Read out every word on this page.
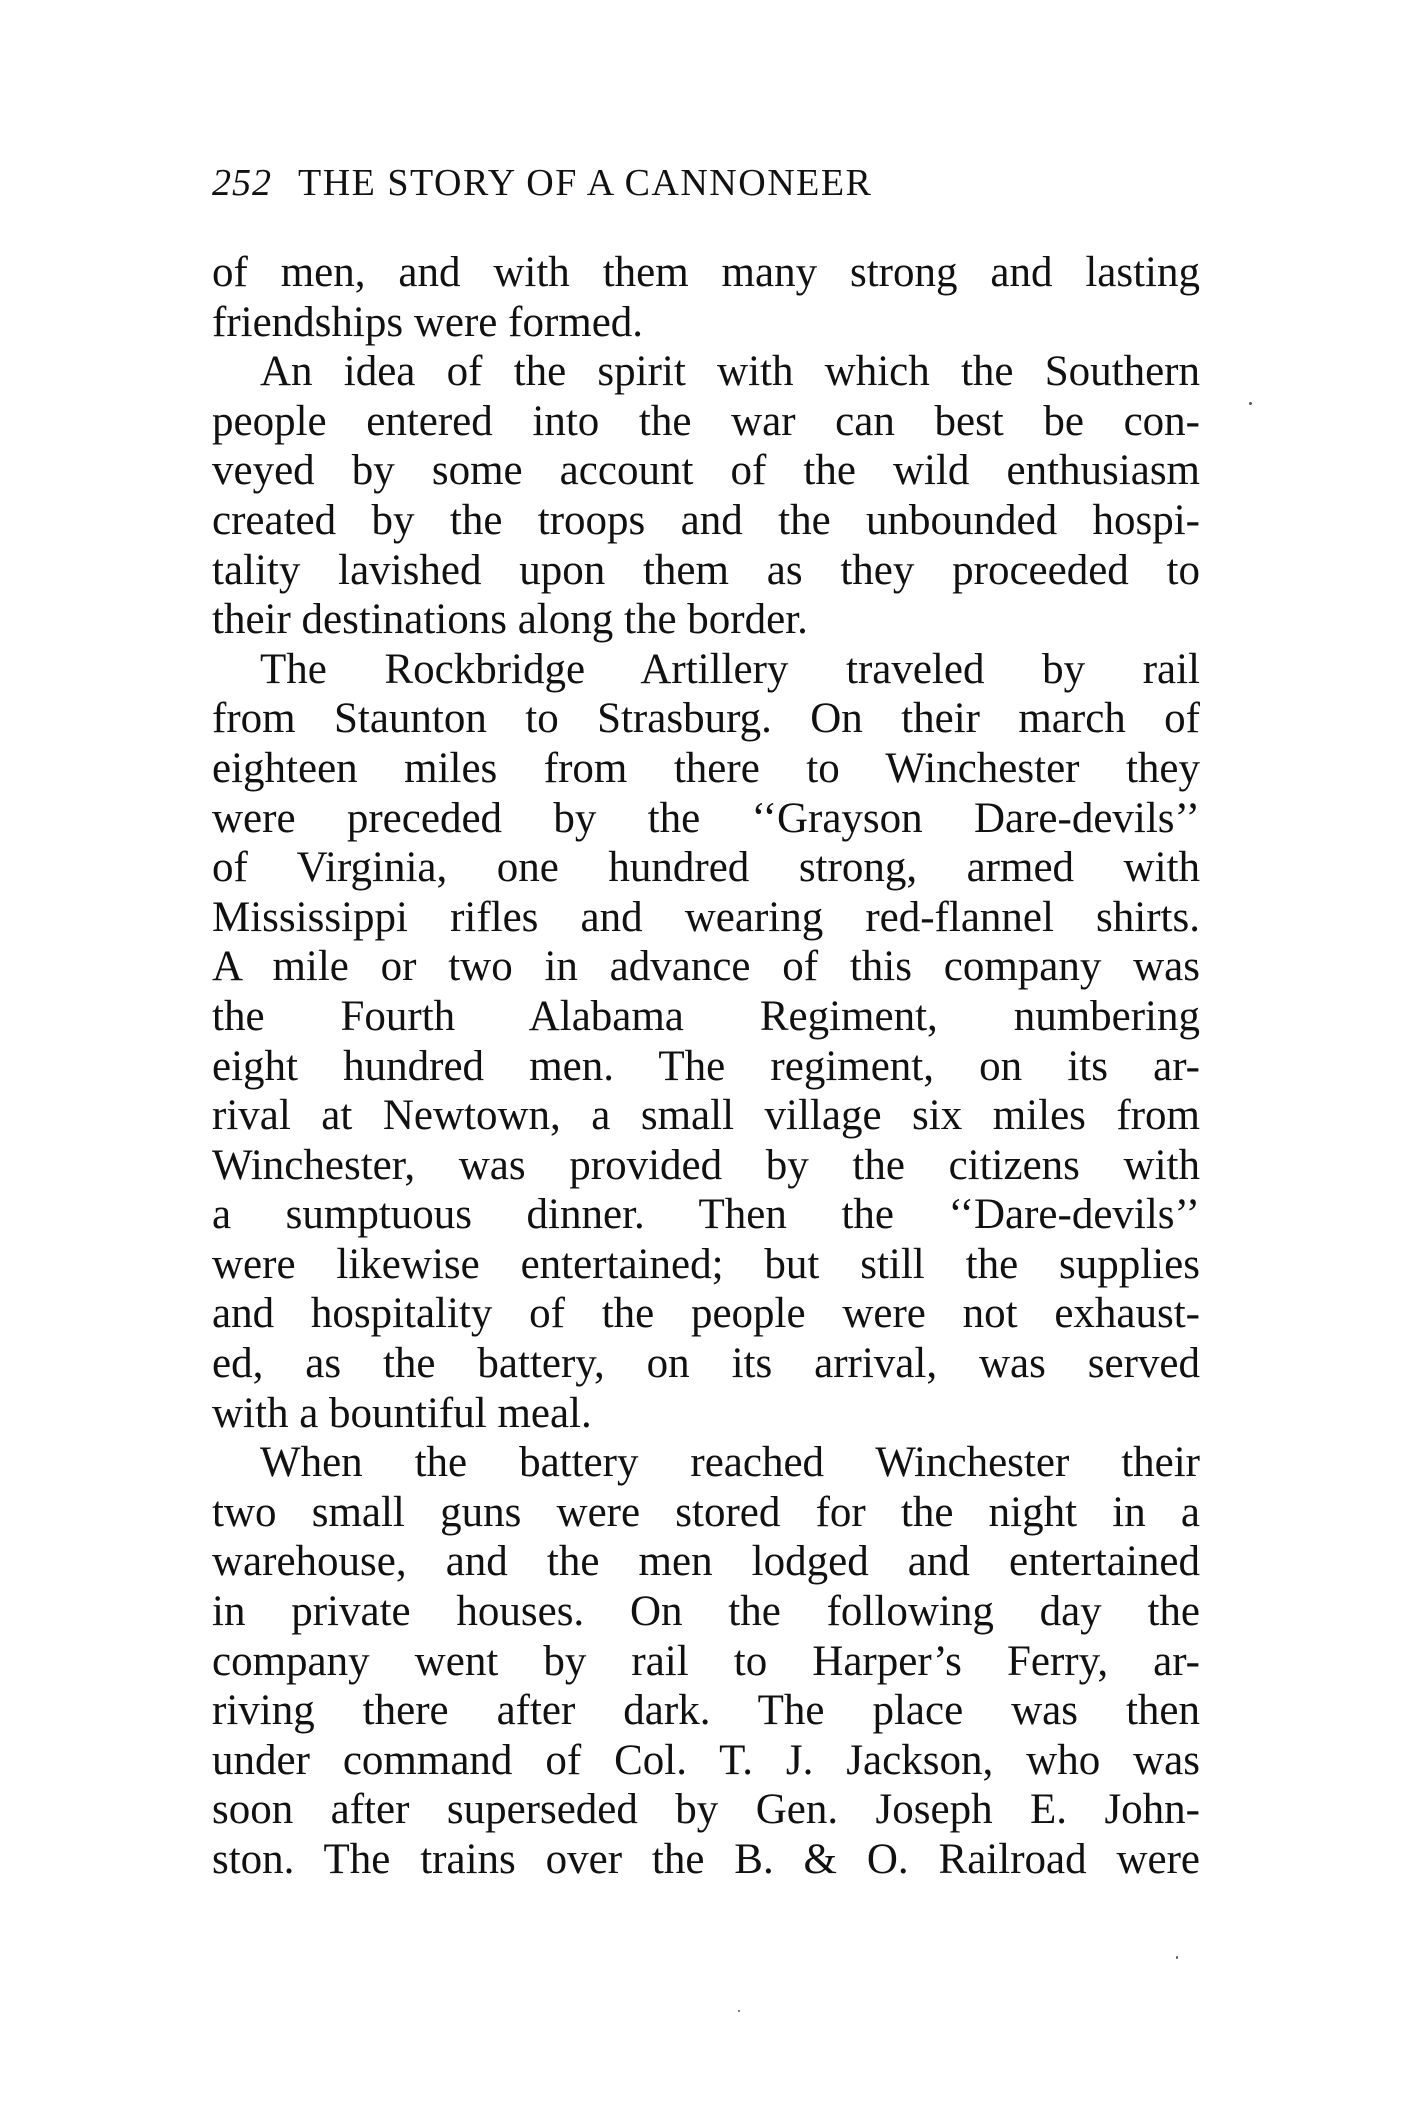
252 THE STORY OF A CANNONEER
of men, and with them many strong and lasting
friendships were formed.
An idea of the spirit with which the Southern
people entered into the war can best be con-
veyed by some account of the wild enthusiasm
created by the troops and the unbounded hospi-
tality lavished upon them as they proceeded to
their destinations along the border.
The Rockbridge Artillery traveled by rail
from Staunton to Strasburg. On their march of
eighteen miles from there to Winchester they
were preceded by the ‘‘Grayson Dare-devils’’
of Virginia, one hundred strong, armed with
Mississippi rifles and wearing red-flannel shirts.
A mile or two in advance of this company was
the Fourth Alabama Regiment, numbering
eight hundred men. The regiment, on its ar-
rival at Newtown, a small village six miles from
Winchester, was provided by the citizens with
a sumptuous dinner. Then the ‘‘Dare-devils’’
were likewise entertained; but still the supplies
and hospitality of the people were not exhaust-
ed, as the battery, on its arrival, was served
with a bountiful meal.
When the battery reached Winchester their
two small guns were stored for the night in a
warehouse, and the men lodged and entertained
in private houses. On the following day the
company went by rail to Harper’s Ferry, ar-
riving there after dark. The place was then
under command of Col. T. J. Jackson, who was
soon after superseded by Gen. Joseph E. John-
ston. The trains over the B. & O. Railroad were
